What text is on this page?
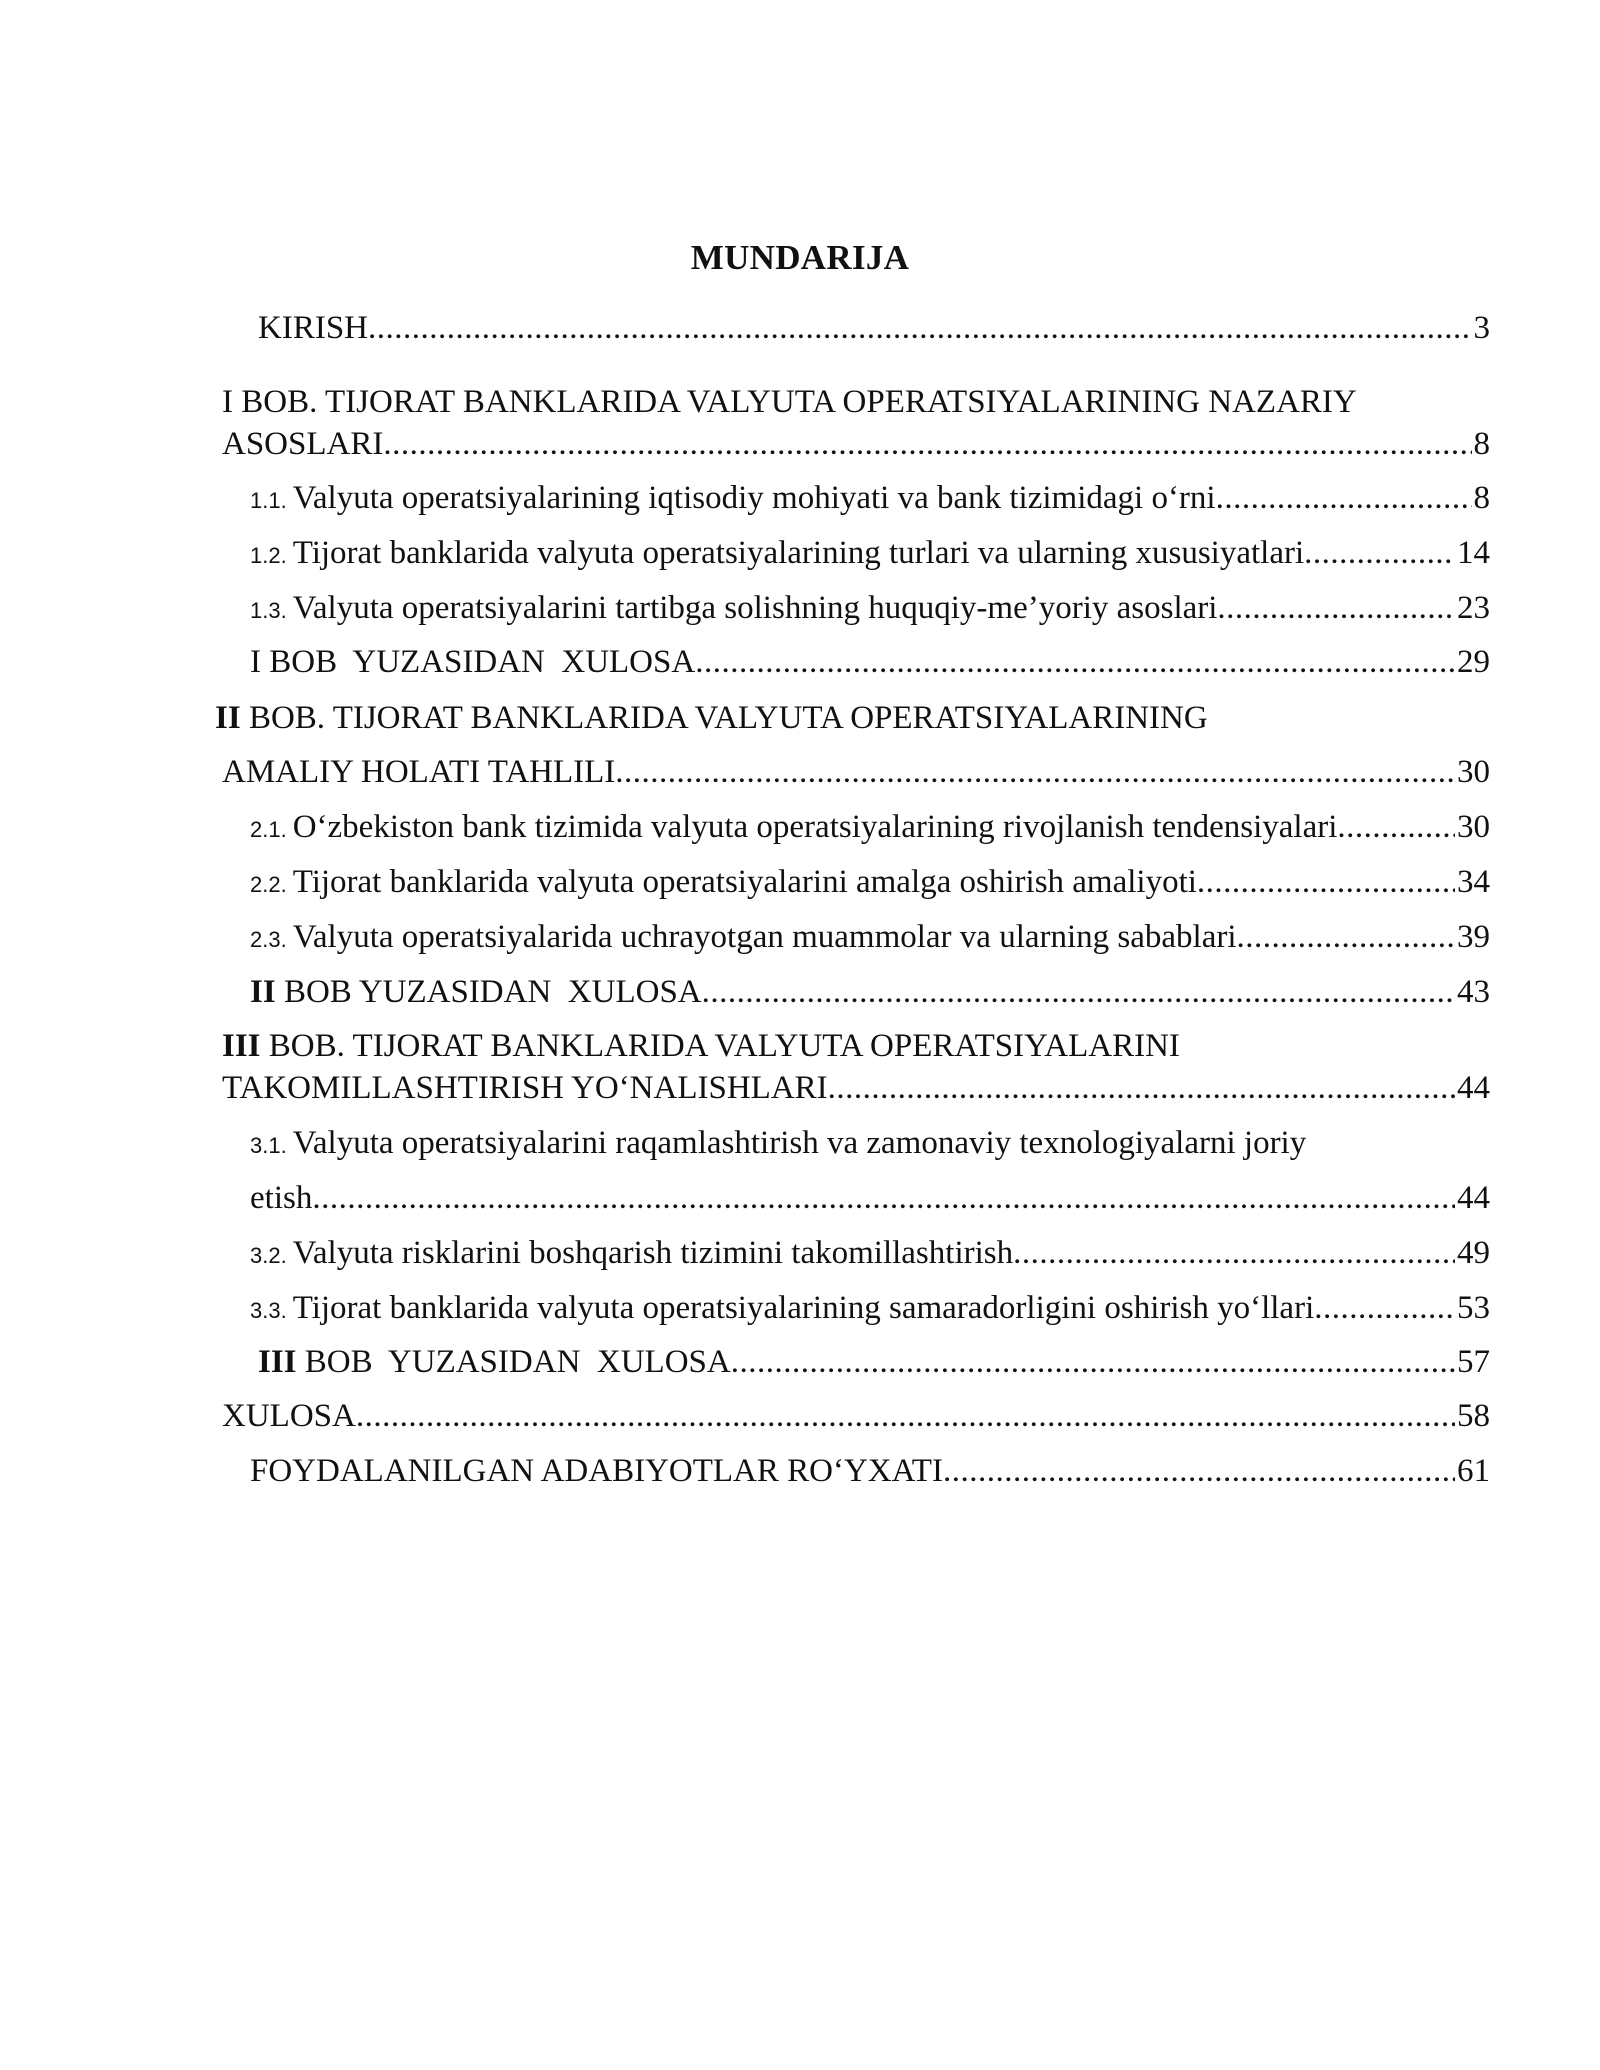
MUNDARIJA
KIRISH .....	3
I BOB. TIJORAT BANKLARIDA VALYUTA OPERATSIYALARINING NAZARIY
ASOSLARI .....	8
1.1. Valyuta operatsiyalarining iqtisodiy mohiyati va bank tizimidagi o‘rni .....	8
1.2. Tijorat banklarida valyuta operatsiyalarining turlari va ularning xususiyatlari .....	14
1.3. Valyuta operatsiyalarini tartibga solishning huquqiy-me’yoriy asoslari .....	23
I BOB  YUZASIDAN  XULOSA .....	29
II BOB. TIJORAT BANKLARIDA VALYUTA OPERATSIYALARINING
AMALIY HOLATI TAHLILI .....	30
2.1. O‘zbekiston bank tizimida valyuta operatsiyalarining rivojlanish tendensiyalari .....	30
2.2. Tijorat banklarida valyuta operatsiyalarini amalga oshirish amaliyoti .....	34
2.3. Valyuta operatsiyalarida uchrayotgan muammolar va ularning sabablari .....	39
II BOB YUZASIDAN  XULOSA .....	43
III BOB. TIJORAT BANKLARIDA VALYUTA OPERATSIYALARINI
TAKOMILLASHTIRISH YO‘NALISHLARI .....	44
3.1. Valyuta operatsiyalarini raqamlashtirish va zamonaviy texnologiyalarni joriy
etish .....	44
3.2. Valyuta risklarini boshqarish tizimini takomillashtirish .....	49
3.3. Tijorat banklarida valyuta operatsiyalarining samaradorligini oshirish yo‘llari .....	53
III BOB  YUZASIDAN  XULOSA .....	57
XULOSA .....	58
FOYDALANILGAN ADABIYOTLAR RO‘YXATI .....	61
